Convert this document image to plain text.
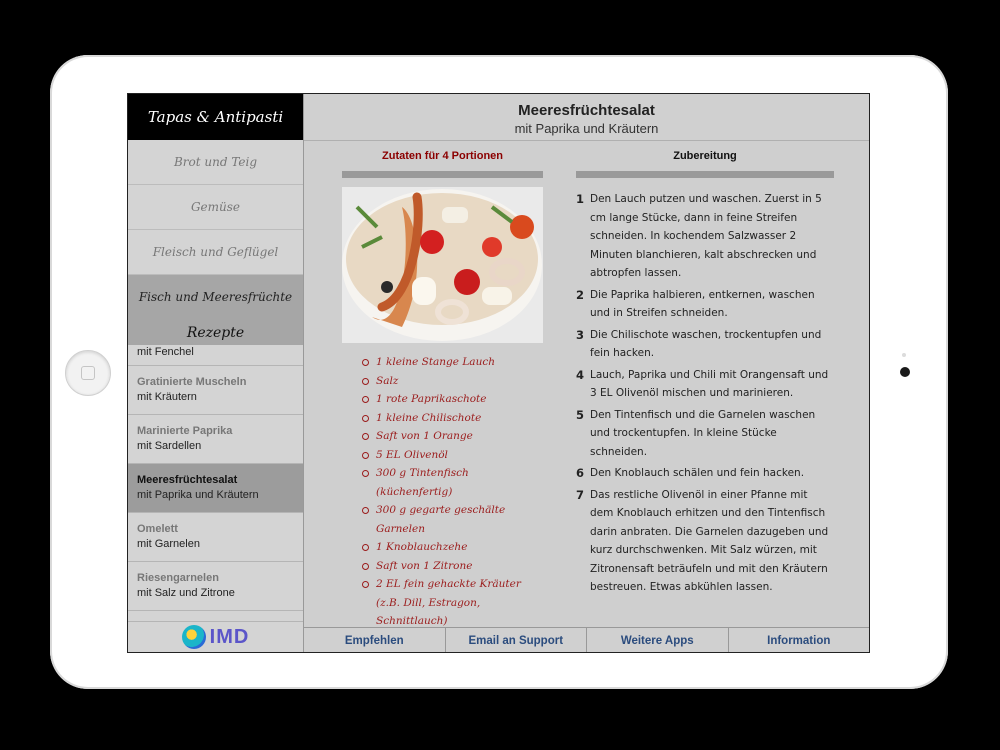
Tapas & Antipasti
Brot und Teig
Gemüse
Fleisch und Geflügel
Fisch und Meeresfrüchte
Rezepte
mit Fenchel
Gratinierte Muscheln
mit Kräutern
Marinierte Paprika
mit Sardellen
Meeresfrüchtesalat
mit Paprika und Kräutern
Omelett
mit Garnelen
Riesengarnelen
mit Salz und Zitrone
IMD
Meeresfrüchtesalat
mit Paprika und Kräutern
Zutaten für 4 Portionen
1 kleine Stange Lauch
Salz
1 rote Paprikaschote
1 kleine Chilischote
Saft von 1 Orange
5 EL Olivenöl
300 g Tintenfisch (küchenfertig)
300 g gegarte geschälte Garnelen
1 Knoblauchzehe
Saft von 1 Zitrone
2 EL fein gehackte Kräuter (z.B. Dill, Estragon, Schnittlauch)
Zubereitung
1 Den Lauch putzen und waschen. Zuerst in 5 cm lange Stücke, dann in feine Streifen schneiden. In kochendem Salzwasser 2 Minuten blanchieren, kalt abschrecken und abtropfen lassen.
2 Die Paprika halbieren, entkernen, waschen und in Streifen schneiden.
3 Die Chilischote waschen, trockentupfen und fein hacken.
4 Lauch, Paprika und Chili mit Orangensaft und 3 EL Olivenöl mischen und marinieren.
5 Den Tintenfisch und die Garnelen waschen und trockentupfen. In kleine Stücke schneiden.
6 Den Knoblauch schälen und fein hacken.
7 Das restliche Olivenöl in einer Pfanne mit dem Knoblauch erhitzen und den Tintenfisch darin anbraten. Die Garnelen dazugeben und kurz durchschwenken. Mit Salz würzen, mit Zitronensaft beträufeln und mit den Kräutern bestreuen. Etwas abkühlen lassen.
Empfehlen	Email an Support	Weitere Apps	Information
